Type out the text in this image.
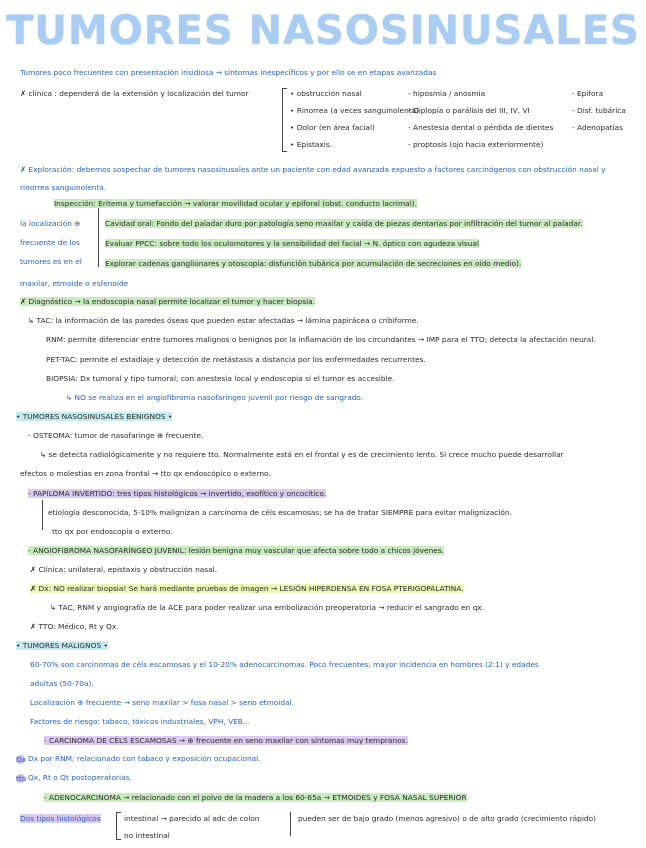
TUMORES NASOSINUSALES
Tumores poco frecuentes con presentación insidiosa → síntomas inespecíficos y por ello se en etapas avanzadas
✗ clínica : dependerá de la extensión y localización del tumor	• obstrucción nasal
• Rinorrea (a veces sanguinolenta)
• Dolor (en área facial)
• Epistaxis.
- hiposmia / anosmia
- Diplopía o parálisis del III, IV, VI
- Anestesia dental o pérdida de dientes
- proptosis (ojo hacia exteriormente)
- Epífora
- Disf. tubárica
- Adenopatías
✗ Exploración: debemos sospechar de tumores nasosinusales ante un paciente con edad avanzada expuesto a factores carcinógenos con obstrucción nasal y
rinorrea sanguinolenta.
la localización ⊕
frecuente de los
tumores es en el
Inspección: Eritema y tumefacción → valorar movilidad ocular y epiforal (obst. conducto lacrimal).
Cavidad oral: Fondo del paladar duro por patología seno maxilar y caída de piezas dentarias por infiltración del tumor al paladar.
Evaluar PPCC: sobre todo los oculomotores y la sensibilidad del facial → N. óptico con agudeza visual
Explorar cadenas ganglionares y otoscopia: disfunción tubárica por acumulación de secreciones en oído medio).
maxilar, etmoide o esfenoide
✗ Diagnóstico → la endoscopia nasal permite localizar el tumor y hacer biopsia.
↳ TAC: la información de las paredes óseas que pueden estar afectadas → lámina papirácea o cribiforme.
RNM: permite diferenciar entre tumores malignos o benignos por la inflamación de los circundantes → IMP para el TTO; detecta la afectación neural.
PET-TAC: permite el estadiaje y detección de metástasis a distancia por los enfermedades recurrentes.
BIOPSIA: Dx tumoral y tipo tumoral; con anestesia local y endoscopia si el tumor es accesible.
↳ NO se realiza en el angiofibroma nasofaríngeo juvenil por riesgo de sangrado.
• TUMORES NASOSINUSALES BENIGNOS •
- OSTEOMA: tumor de nasofaringe ⊕ frecuente.
↳ se detecta radiológicamente y no requiere tto. Normalmente está en el frontal y es de crecimiento lento. Si crece mucho puede desarrollar
efectos o molestias en zona frontal → tto qx endoscópico o externo.
- PAPILOMA INVERTIDO: tres tipos histológicos → invertido, exofítico y oncocítico.
etiología desconocida, 5-10% malignizan a carcinoma de céls escamosas; se ha de tratar SIEMPRE para evitar malignización.
tto qx por endoscopia o externo.
- ANGIOFIBROMA NASOFARÍNGEO JUVENIL: lesión benigna muy vascular que afecta sobre todo a chicos jóvenes.
✗ Clínica: unilateral, epistaxis y obstrucción nasal.
✗ Dx: NO realizar biopsia! Se hará mediante pruebas de imagen → LESIÓN HIPERDENSA EN FOSA PTERIGOPALATINA.
↳ TAC, RNM y angiografía de la ACE para poder realizar una embolización preoperatoria → reducir el sangrado en qx.
✗ TTO: Médico, Rt y Qx.
• TUMORES MALIGNOS •
60-70% son carcinomas de céls escamosas y el 10-20% adenocarcinomas. Poco frecuentes; mayor incidencia en hombres (2:1) y edades
adultas (50-70a).
Localización ⊕ frecuente → seno maxilar > fosa nasal > seno etmoidal.
Factores de riesgo: tabaco, tóxicos industriales, VPH, VEB...
- CARCINOMA DE CÉLS ESCAMOSAS → ⊕ frecuente en seno maxilar con síntomas muy tempranos.
Dx Dx por RNM; relacionado con tabaco y exposición ocupacional.
tto Qx, Rt o Qt postoperatorias.
- ADENOCARCINOMA → relacionado con el polvo de la madera a los 60-65a → ETMOIDES y FOSA NASAL SUPERIOR
Dos tipos histológicos	intestinal → parecido al adc de colon
no intestinal
pueden ser de bajo grado (menos agresivo) o de alto grado (crecimiento rápido)
